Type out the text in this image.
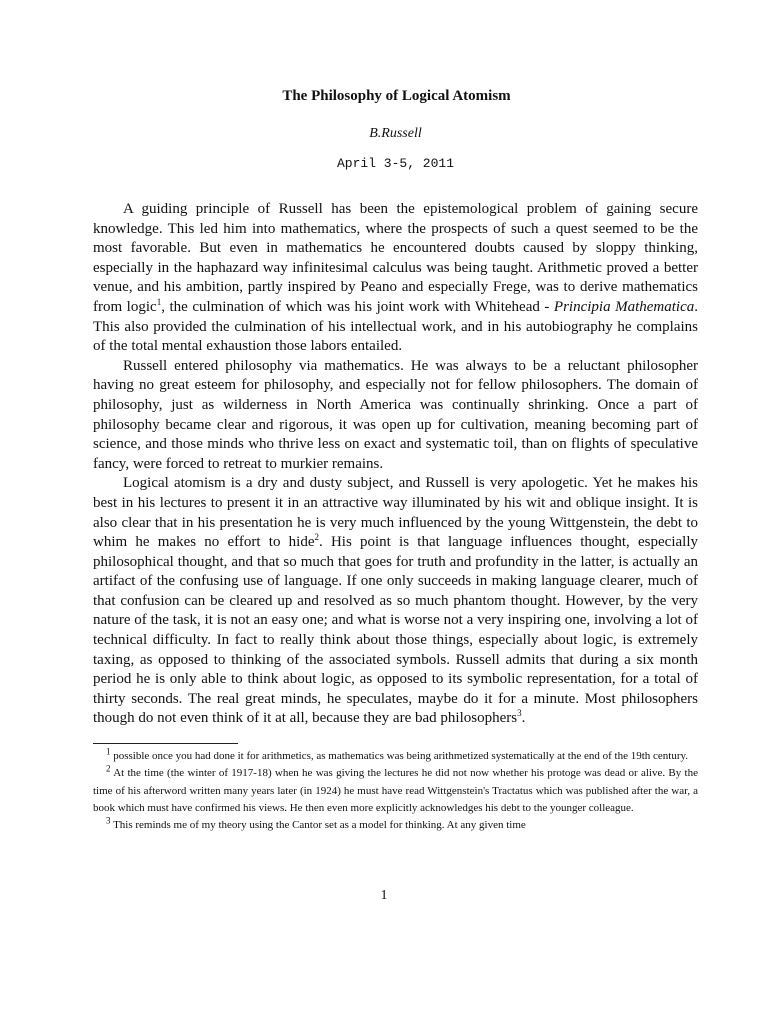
The Philosophy of Logical Atomism
B.Russell
April 3-5, 2011

A guiding principle of Russell has been the epistemological problem of gaining secure knowledge. This led him into mathematics, where the prospects of such a quest seemed to be the most favorable. But even in mathematics he encountered doubts caused by sloppy thinking, especially in the haphazard way infinitesimal calculus was being taught. Arithmetic proved a better venue, and his ambition, partly inspired by Peano and especially Frege, was to derive mathematics from logic$^1$, the culmination of which was his joint work with Whitehead - Principia Mathematica. This also provided the culmination of his intellectual work, and in his autobiography he complains of the total mental exhaustion those labors entailed.

Russell entered philosophy via mathematics. He was always to be a reluctant philosopher having no great esteem for philosophy, and especially not for fellow philosophers. The domain of philosophy, just as wilderness in North America was continually shrinking. Once a part of philosophy became clear and rigorous, it was open up for cultivation, meaning becoming part of science, and those minds who thrive less on exact and systematic toil, than on flights of speculative fancy, were forced to retreat to murkier remains.

Logical atomism is a dry and dusty subject, and Russell is very apologetic. Yet he makes his best in his lectures to present it in an attractive way illuminated by his wit and oblique insight. It is also clear that in his presentation he is very much influenced by the young Wittgenstein, the debt to whim he makes no effort to hide$^2$. His point is that language influences thought, especially philosophical thought, and that so much that goes for truth and profundity in the latter, is actually an artifact of the confusing use of language. If one only succeeds in making language clearer, much of that confusion can be cleared up and resolved as so much phantom thought. However, by the very nature of the task, it is not an easy one; and what is worse not a very inspiring one, involving a lot of technical difficulty. In fact to really think about those things, especially about logic, is extremely taxing, as opposed to thinking of the associated symbols. Russell admits that during a six month period he is only able to think about logic, as opposed to its symbolic representation, for a total of thirty seconds. The real great minds, he speculates, maybe do it for a minute. Most philosophers though do not even think of it at all, because they are bad philosophers$^3$.

$^1$ possible once you had done it for arithmetics, as mathematics was being arithmetized systematically at the end of the 19th century.

$^2$ At the time (the winter of 1917-18) when he was giving the lectures he did not now whether his protoge was dead or alive. By the time of his afterword written many years later (in 1924) he must have read Wittgenstein's Tractatus which was published after the war, a book which must have confirmed his views. He then even more explicitly acknowledges his debt to the younger colleague.

$^3$ This reminds me of my theory using the Cantor set as a model for thinking. At any given time

1
